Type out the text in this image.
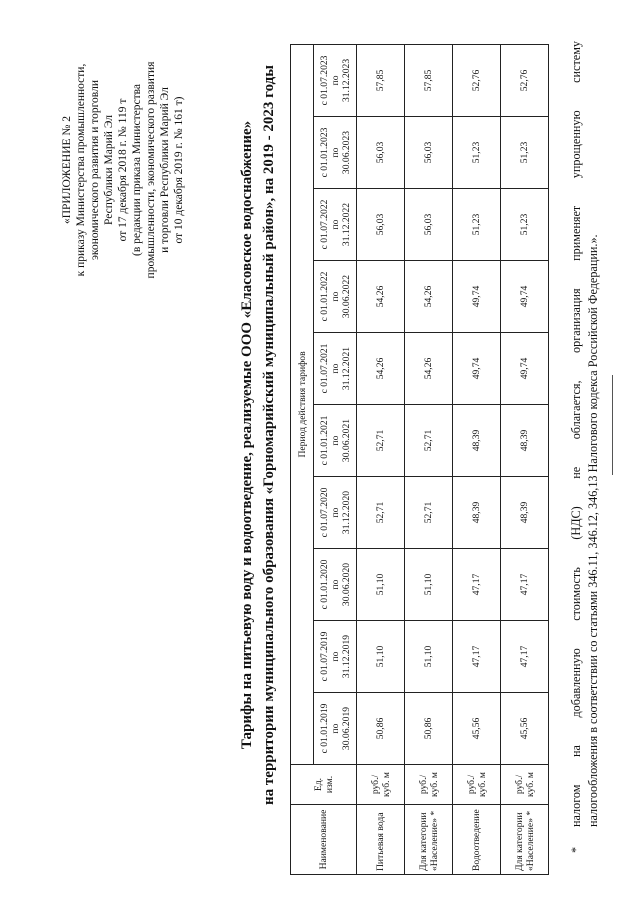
«ПРИЛОЖЕНИЕ № 2 к приказу Министерства промышленности, экономического развития и торговли Республики Марий Эл от 17 декабря 2018 г. № 119 т (в редакции приказа Министерства промышленности, экономического развития и торговли Республики Марий Эл от 10 декабря 2019 г. № 161 т)	Тарифы на питьевую воду и водоотведение, реализуемые ООО «Еласовское водоснабжение» на территории муниципального образования «Горномарийский муниципальный район», на 2019 - 2023 годы
Наименование	Ед. изм.	Период действия тарифов									

		с 01.01.2019 по 30.06.2019	с 01.07.2019 по 31.12.2019	с 01.01.2020 по 30.06.2020	с 01.07.2020 по 31.12.2020	с 01.01.2021 по 30.06.2021	с 01.07.2021 по 31.12.2021	с 01.01.2022 по 30.06.2022	с 01.07.2022 по 31.12.2022	с 01.01.2023 по 30.06.2023	с 01.07.2023 по 31.12.2023

Питьевая вода	руб./ куб. м	50,86	51,10	51,10	52,71	52,71	54,26	54,26	56,03	56,03	57,85

Для категории «Население» *	руб./ куб. м	50,86	51,10	51,10	52,71	52,71	54,26	54,26	56,03	56,03	57,85

Водоотведение	руб./ куб. м	45,56	47,17	47,17	48,39	48,39	49,74	49,74	51,23	51,23	52,76

Для категории «Население» *	руб./ куб. м	45,56	47,17	47,17	48,39	48,39	49,74	49,74	51,23	51,23	52,76
*
налогом на добавленную стоимость (НДС) не облагается, организация применяет упрощенную систему налогообложения в соответствии со статьями 346.11, 346.12, 346,13 Налогового кодекса Российской Федерации.».
